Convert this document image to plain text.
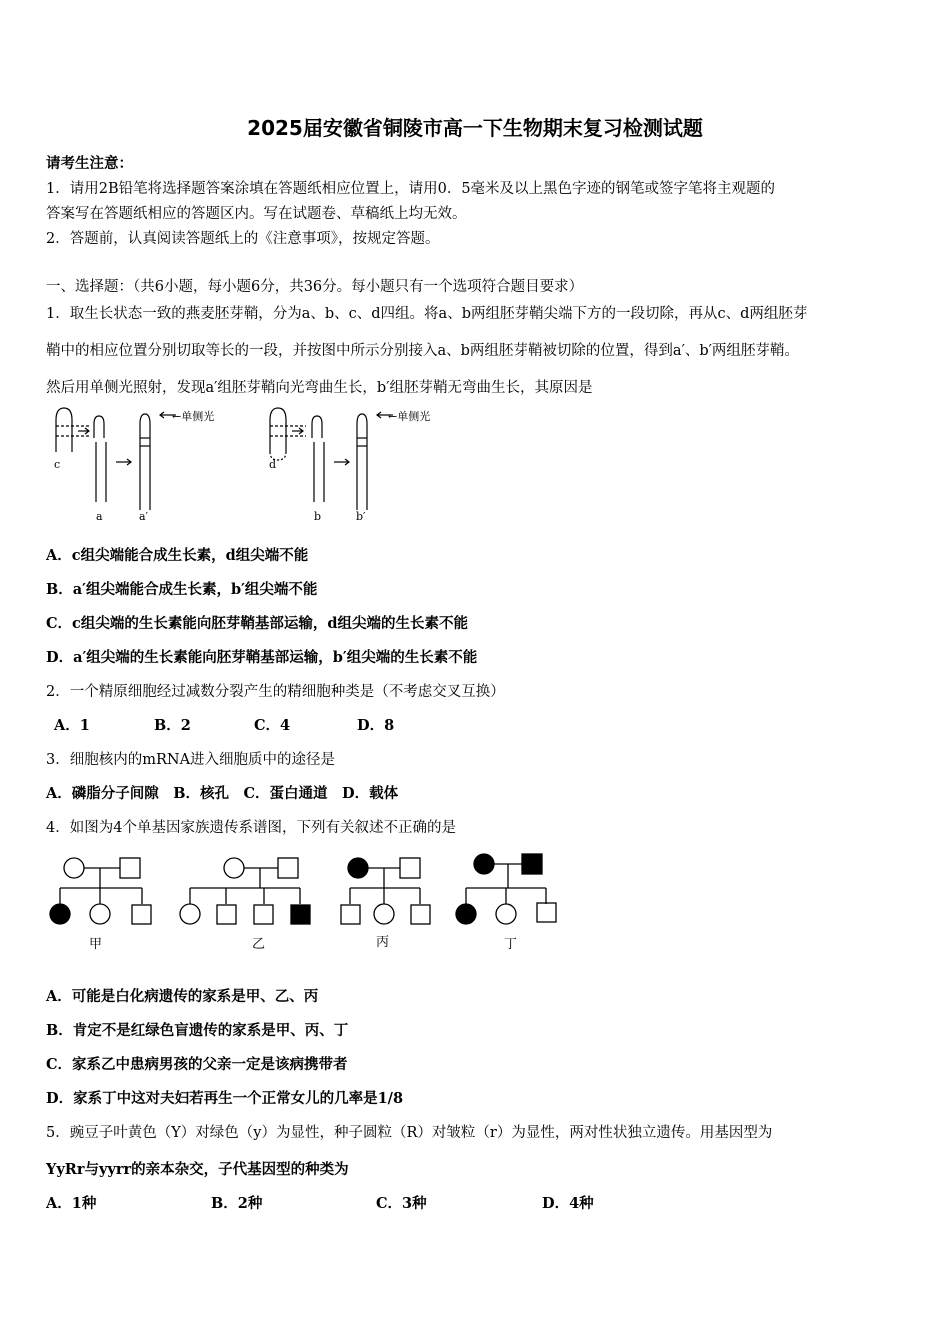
2025届安徽省铜陵市高一下生物期末复习检测试题
请考生注意：
1．请用2B铅笔将选择题答案涂填在答题纸相应位置上，请用0．5毫米及以上黑色字迹的钢笔或签字笔将主观题的
答案写在答题纸相应的答题区内。写在试题卷、草稿纸上均无效。
2．答题前，认真阅读答题纸上的《注意事项》，按规定答题。
一、选择题：（共6小题，每小题6分，共36分。每小题只有一个选项符合题目要求）
1．取生长状态一致的燕麦胚芽鞘，分为a、b、c、d四组。将a、b两组胚芽鞘尖端下方的一段切除，再从c、d两组胚芽
鞘中的相应位置分别切取等长的一段，并按图中所示分别接入a、b两组胚芽鞘被切除的位置，得到a′、b′两组胚芽鞘。
然后用单侧光照射，发现a′组胚芽鞘向光弯曲生长，b′组胚芽鞘无弯曲生长，其原因是
c
a	a′
d
b	b′
←单侧光	←单侧光
A．c组尖端能合成生长素，d组尖端不能
B．a′组尖端能合成生长素，b′组尖端不能
C．c组尖端的生长素能向胚芽鞘基部运输，d组尖端的生长素不能
D．a′组尖端的生长素能向胚芽鞘基部运输，b′组尖端的生长素不能
2．一个精原细胞经过减数分裂产生的精细胞种类是（不考虑交叉互换）
A．1	B．2	C．4	D．8
3．细胞核内的mRNA进入细胞质中的途径是
A．磷脂分子间隙　B．核孔　C．蛋白通道　D．载体
4．如图为4个单基因家族遗传系谱图，下列有关叙述不正确的是
甲	乙	丙	丁
A．可能是白化病遗传的家系是甲、乙、丙
B．肯定不是红绿色盲遗传的家系是甲、丙、丁
C．家系乙中患病男孩的父亲一定是该病携带者
D．家系丁中这对夫妇若再生一个正常女儿的几率是1/8
5．豌豆子叶黄色（Y）对绿色（y）为显性，种子圆粒（R）对皱粒（r）为显性，两对性状独立遗传。用基因型为
YyRr与yyrr的亲本杂交，子代基因型的种类为
A．1种	B．2种	C．3种	D．4种
